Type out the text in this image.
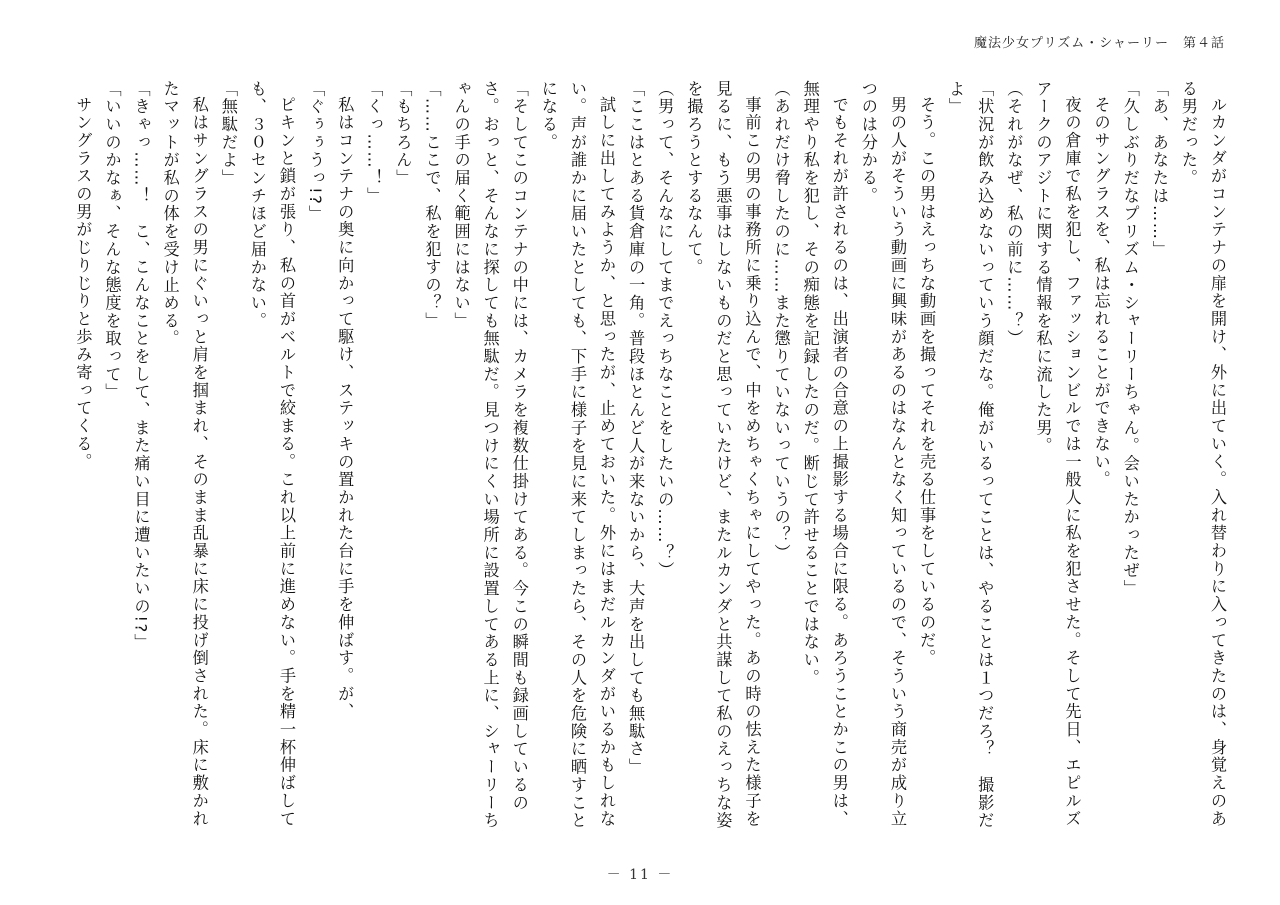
魔法少女プリズム・シャーリー　第４話

ルカンダがコンテナの扉を開け、外に出ていく。入れ替わりに入ってきたのは、身覚えのある男だった。

「あ、あなたは……」

「久しぶりだなプリズム・シャーリーちゃん。会いたかったぜ」

そのサングラスを、私は忘れることができない。

夜の倉庫で私を犯し、ファッションビルでは一般人に私を犯させた。そして先日、エピルズアークのアジトに関する情報を私に流した男。

（それがなぜ、私の前に……？）

「状況が飲み込めないっていう顔だな。俺がいるってことは、やることは１つだろ？　撮影だよ」

そう。この男はえっちな動画を撮ってそれを売る仕事をしているのだ。

男の人がそういう動画に興味があるのはなんとなく知っているので、そういう商売が成り立つのは分かる。

でもそれが許されるのは、出演者の合意の上撮影する場合に限る。あろうことかこの男は、無理やり私を犯し、その痴態を記録したのだ。断じて許せることではない。

（あれだけ脅したのに……また懲りていないっていうの？）

事前この男の事務所に乗り込んで、中をめちゃくちゃにしてやった。あの時の怯えた様子を見るに、もう悪事はしないものだと思っていたけど、またルカンダと共謀して私のえっちな姿を撮ろうとするなんて。

（男って、そんなにしてまでえっちなことをしたいの……？）

「ここはとある貨倉庫の一角。普段ほとんど人が来ないから、大声を出しても無駄さ」

試しに出してみようか、と思ったが、止めておいた。外にはまだルカンダがいるかもしれない。声が誰かに届いたとしても、下手に様子を見に来てしまったら、その人を危険に晒すことになる。

「そしてこのコンテナの中には、カメラを複数仕掛けてある。今この瞬間も録画しているのさ。おっと、そんなに探しても無駄だ。見つけにくい場所に設置してある上に、シャーリーちゃんの手の届く範囲にはない」

「……ここで、私を犯すの？」

「もちろん」

「くっ……！」

私はコンテナの奥に向かって駆け、ステッキの置かれた台に手を伸ばす。が、

「ぐぅぅうっ!?」

ピキンと鎖が張り、私の首がベルトで絞まる。これ以上前に進めない。手を精一杯伸ばしても、３０センチほど届かない。

「無駄だよ」

私はサングラスの男にぐいっと肩を掴まれ、そのまま乱暴に床に投げ倒された。床に敷かれたマットが私の体を受け止める。

「きゃっ……！　こ、こんなことをして、また痛い目に遭いたいの!?」

「いいのかなぁ、そんな態度を取って」

サングラスの男がじりじりと歩み寄ってくる。

－ 11 －
